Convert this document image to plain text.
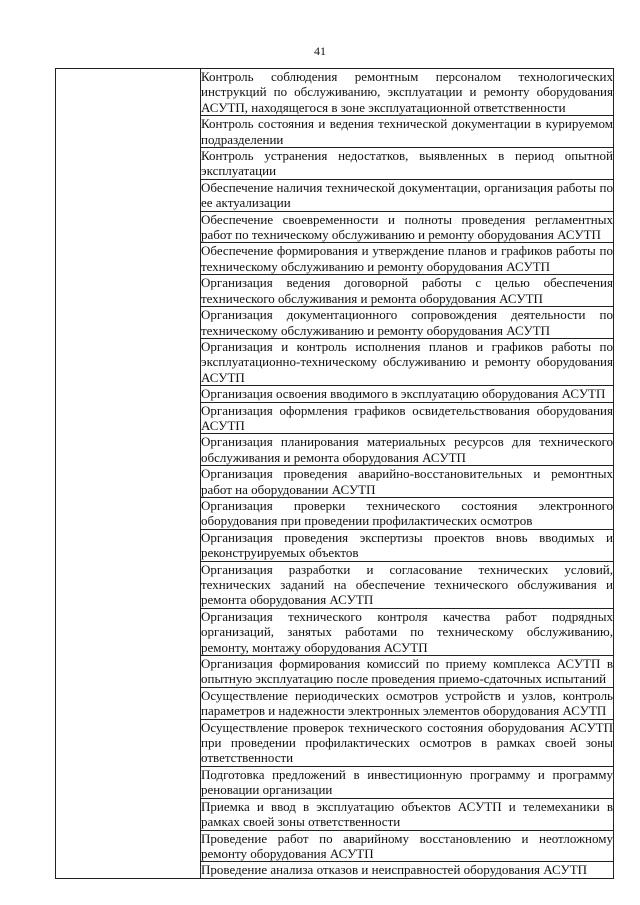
41
	Контроль соблюдения ремонтным персоналом технологических инструкций по обслуживанию, эксплуатации и ремонту оборудования АСУТП, находящегося в зоне эксплуатационной ответственности
Контроль состояния и ведения технической документации в курируемом подразделении
Контроль устранения недостатков, выявленных в период опытной эксплуатации
Обеспечение наличия технической документации, организация работы по ее актуализации
Обеспечение своевременности и полноты проведения регламентных работ по техническому обслуживанию и ремонту оборудования АСУТП
Обеспечение формирования и утверждение планов и графиков работы по техническому обслуживанию и ремонту оборудования АСУТП
Организация ведения договорной работы с целью обеспечения технического обслуживания и ремонта оборудования АСУТП
Организация документационного сопровождения деятельности по техническому обслуживанию и ремонту оборудования АСУТП
Организация и контроль исполнения планов и графиков работы по эксплуатационно-техническому обслуживанию и ремонту оборудования АСУТП
Организация освоения вводимого в эксплуатацию оборудования АСУТП
Организация оформления графиков освидетельствования оборудования АСУТП
Организация планирования материальных ресурсов для технического обслуживания и ремонта оборудования АСУТП
Организация проведения аварийно-восстановительных и ремонтных работ на оборудовании АСУТП
Организация проверки технического состояния электронного оборудования при проведении профилактических осмотров
Организация проведения экспертизы проектов вновь вводимых и реконструируемых объектов
Организация разработки и согласование технических условий, технических заданий на обеспечение технического обслуживания и ремонта оборудования АСУТП
Организация технического контроля качества работ подрядных организаций, занятых работами по техническому обслуживанию, ремонту, монтажу оборудования АСУТП
Организация формирования комиссий по приему комплекса АСУТП в опытную эксплуатацию после проведения приемо-сдаточных испытаний
Осуществление периодических осмотров устройств и узлов, контроль параметров и надежности электронных элементов оборудования АСУТП
Осуществление проверок технического состояния оборудования АСУТП при проведении профилактических осмотров в рамках своей зоны ответственности
Подготовка предложений в инвестиционную программу и программу реновации организации
Приемка и ввод в эксплуатацию объектов АСУТП и телемеханики в рамках своей зоны ответственности
Проведение работ по аварийному восстановлению и неотложному ремонту оборудования АСУТП
Проведение анализа отказов и неисправностей оборудования АСУТП
